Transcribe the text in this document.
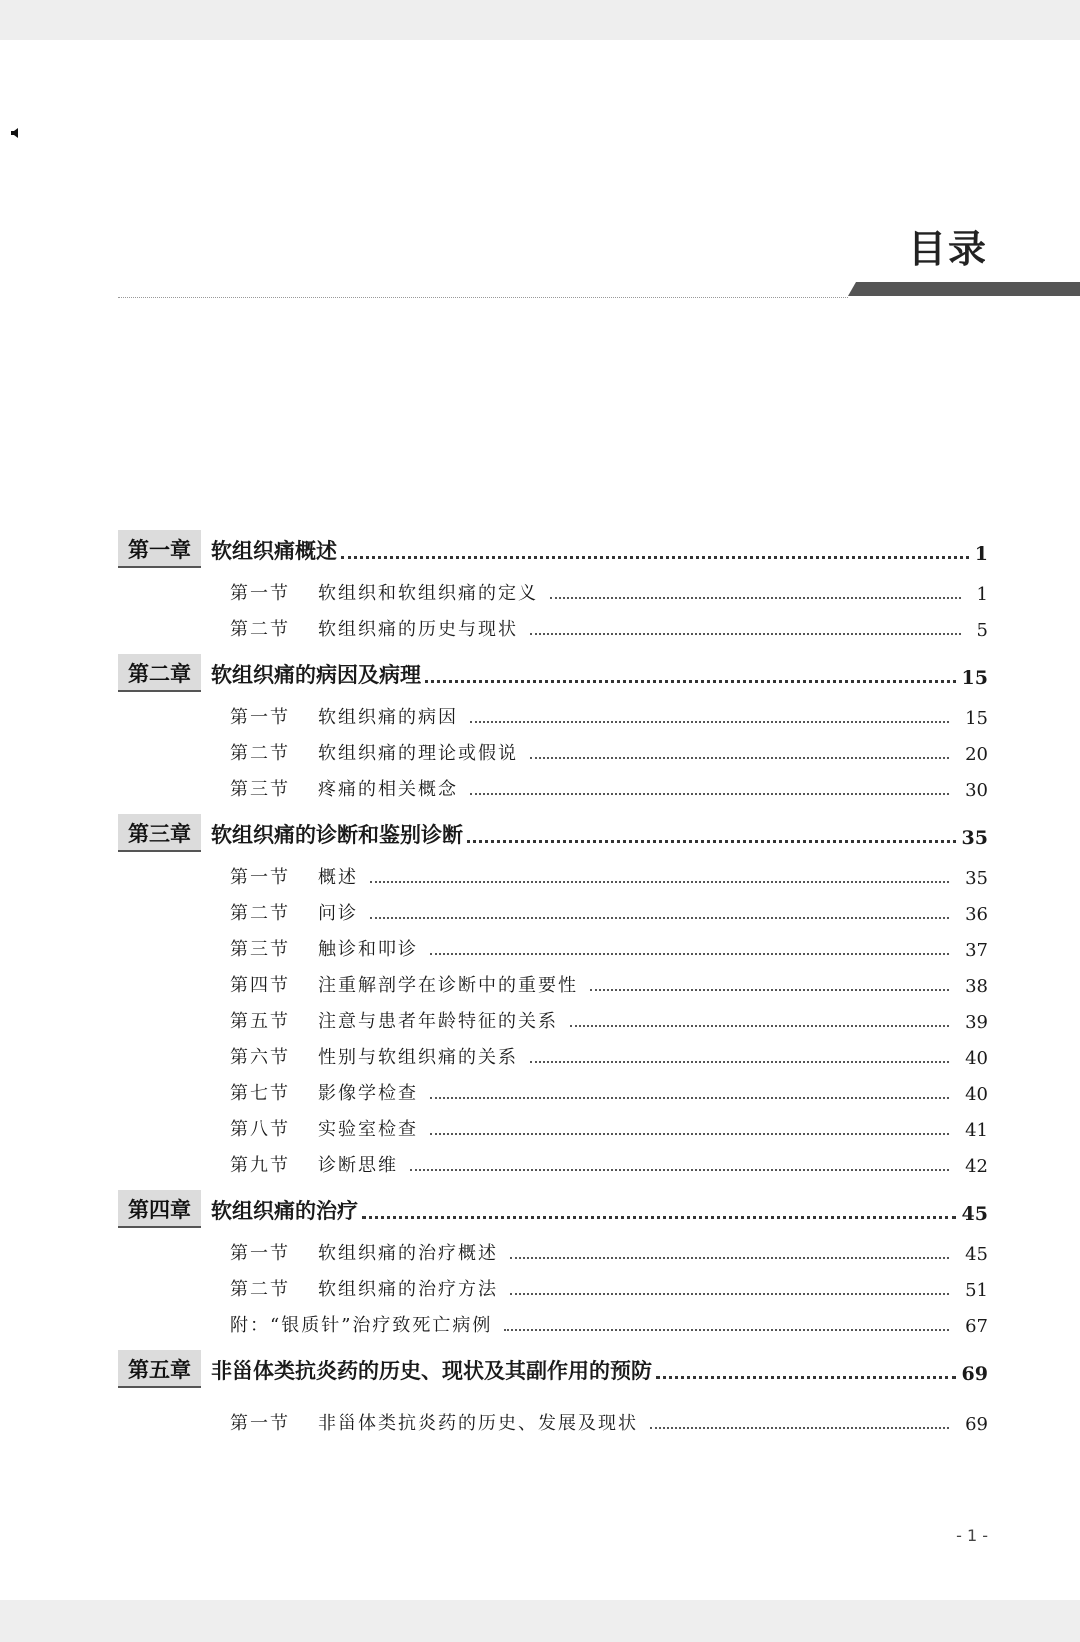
目录
第一章 软组织痛概述	1
第一节	软组织和软组织痛的定义	1
第二节	软组织痛的历史与现状	5
第二章 软组织痛的病因及病理	15
第一节	软组织痛的病因	15
第二节	软组织痛的理论或假说	20
第三节	疼痛的相关概念	30
第三章 软组织痛的诊断和鉴别诊断	35
第一节	概述	35
第二节	问诊	36
第三节	触诊和叩诊	37
第四节	注重解剖学在诊断中的重要性	38
第五节	注意与患者年龄特征的关系	39
第六节	性别与软组织痛的关系	40
第七节	影像学检查	40
第八节	实验室检查	41
第九节	诊断思维	42
第四章 软组织痛的治疗	45
第一节	软组织痛的治疗概述	45
第二节	软组织痛的治疗方法	51
附：“银质针”治疗致死亡病例	67
第五章 非甾体类抗炎药的历史、现状及其副作用的预防	69
第一节	非甾体类抗炎药的历史、发展及现状	69
- 1 -
